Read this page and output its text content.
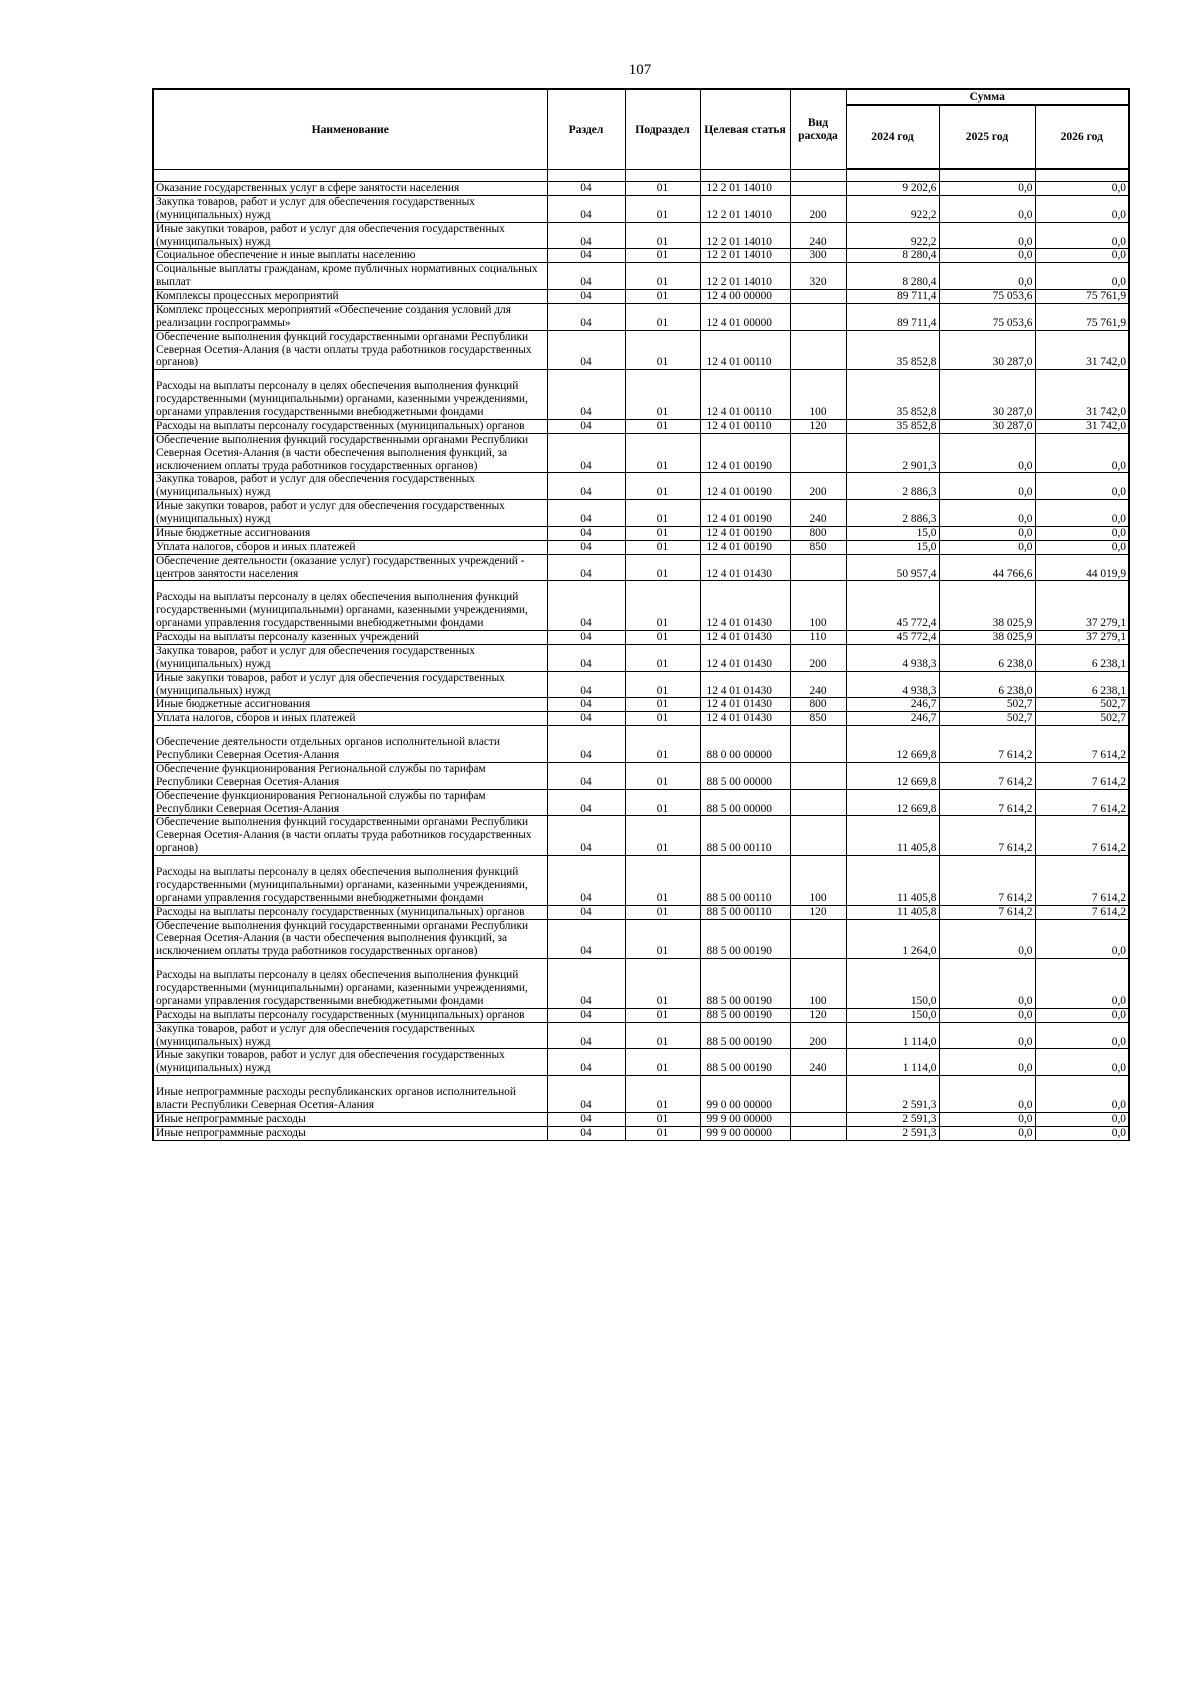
107
Наименование	Раздел	Подраздел	Целевая статья	Вид расхода	Сумма		
					2024 год	2025 год	2026 год

Оказание государственных услуг в сфере занятости населения	04	01	12 2 01 14010		9 202,6	0,0	0,0
Закупка товаров, работ и услуг для обеспечения государственных (муниципальных) нужд	04	01	12 2 01 14010	200	922,2	0,0	0,0
Иные закупки товаров, работ и услуг для обеспечения государственных (муниципальных) нужд	04	01	12 2 01 14010	240	922,2	0,0	0,0
Социальное обеспечение и иные выплаты населению	04	01	12 2 01 14010	300	8 280,4	0,0	0,0
Социальные выплаты гражданам, кроме публичных нормативных социальных выплат	04	01	12 2 01 14010	320	8 280,4	0,0	0,0
Комплексы процессных мероприятий	04	01	12 4 00 00000		89 711,4	75 053,6	75 761,9
Комплекс процессных мероприятий «Обеспечение создания условий для реализации госпрограммы»	04	01	12 4 01 00000		89 711,4	75 053,6	75 761,9
Обеспечение выполнения функций государственными органами Республики Северная Осетия-Алания (в части оплаты труда работников государственных органов)	04	01	12 4 01 00110		35 852,8	30 287,0	31 742,0

Расходы на выплаты персоналу в целях обеспечения выполнения функций государственными (муниципальными) органами, казенными учреждениями, органами управления государственными внебюджетными фондами	04	01	12 4 01 00110	100	35 852,8	30 287,0	31 742,0
Расходы на выплаты персоналу государственных (муниципальных) органов	04	01	12 4 01 00110	120	35 852,8	30 287,0	31 742,0
Обеспечение выполнения функций государственными органами Республики Северная Осетия-Алания (в части обеспечения выполнения функций, за исключением оплаты труда работников государственных органов)	04	01	12 4 01 00190		2 901,3	0,0	0,0
Закупка товаров, работ и услуг для обеспечения государственных (муниципальных) нужд	04	01	12 4 01 00190	200	2 886,3	0,0	0,0
Иные закупки товаров, работ и услуг для обеспечения государственных (муниципальных) нужд	04	01	12 4 01 00190	240	2 886,3	0,0	0,0
Иные бюджетные ассигнования	04	01	12 4 01 00190	800	15,0	0,0	0,0
Уплата налогов, сборов и иных платежей	04	01	12 4 01 00190	850	15,0	0,0	0,0
Обеспечение деятельности (оказание услуг) государственных учреждений - центров занятости населения	04	01	12 4 01 01430		50 957,4	44 766,6	44 019,9

Расходы на выплаты персоналу в целях обеспечения выполнения функций государственными (муниципальными) органами, казенными учреждениями, органами управления государственными внебюджетными фондами	04	01	12 4 01 01430	100	45 772,4	38 025,9	37 279,1
Расходы на выплаты персоналу казенных учреждений	04	01	12 4 01 01430	110	45 772,4	38 025,9	37 279,1
Закупка товаров, работ и услуг для обеспечения государственных (муниципальных) нужд	04	01	12 4 01 01430	200	4 938,3	6 238,0	6 238,1
Иные закупки товаров, работ и услуг для обеспечения государственных (муниципальных) нужд	04	01	12 4 01 01430	240	4 938,3	6 238,0	6 238,1
Иные бюджетные ассигнования	04	01	12 4 01 01430	800	246,7	502,7	502,7
Уплата налогов, сборов и иных платежей	04	01	12 4 01 01430	850	246,7	502,7	502,7

Обеспечение деятельности отдельных органов исполнительной власти Республики Северная Осетия-Алания	04	01	88 0 00 00000		12 669,8	7 614,2	7 614,2
Обеспечение функционирования Региональной службы по тарифам Республики Северная Осетия-Алания	04	01	88 5 00 00000		12 669,8	7 614,2	7 614,2
Обеспечение функционирования Региональной службы по тарифам Республики Северная Осетия-Алания	04	01	88 5 00 00000		12 669,8	7 614,2	7 614,2
Обеспечение выполнения функций государственными органами Республики Северная Осетия-Алания (в части оплаты труда работников государственных органов)	04	01	88 5 00 00110		11 405,8	7 614,2	7 614,2

Расходы на выплаты персоналу в целях обеспечения выполнения функций государственными (муниципальными) органами, казенными учреждениями, органами управления государственными внебюджетными фондами	04	01	88 5 00 00110	100	11 405,8	7 614,2	7 614,2
Расходы на выплаты персоналу государственных (муниципальных) органов	04	01	88 5 00 00110	120	11 405,8	7 614,2	7 614,2
Обеспечение выполнения функций государственными органами Республики Северная Осетия-Алания (в части обеспечения выполнения функций, за исключением оплаты труда работников государственных органов)	04	01	88 5 00 00190		1 264,0	0,0	0,0

Расходы на выплаты персоналу в целях обеспечения выполнения функций государственными (муниципальными) органами, казенными учреждениями, органами управления государственными внебюджетными фондами	04	01	88 5 00 00190	100	150,0	0,0	0,0
Расходы на выплаты персоналу государственных (муниципальных) органов	04	01	88 5 00 00190	120	150,0	0,0	0,0
Закупка товаров, работ и услуг для обеспечения государственных (муниципальных) нужд	04	01	88 5 00 00190	200	1 114,0	0,0	0,0
Иные закупки товаров, работ и услуг для обеспечения государственных (муниципальных) нужд	04	01	88 5 00 00190	240	1 114,0	0,0	0,0

Иные непрограммные расходы республиканских органов исполнительной власти Республики Северная Осетия-Алания	04	01	99 0 00 00000		2 591,3	0,0	0,0
Иные непрограммные расходы	04	01	99 9 00 00000		2 591,3	0,0	0,0
Иные непрограммные расходы	04	01	99 9 00 00000		2 591,3	0,0	0,0
